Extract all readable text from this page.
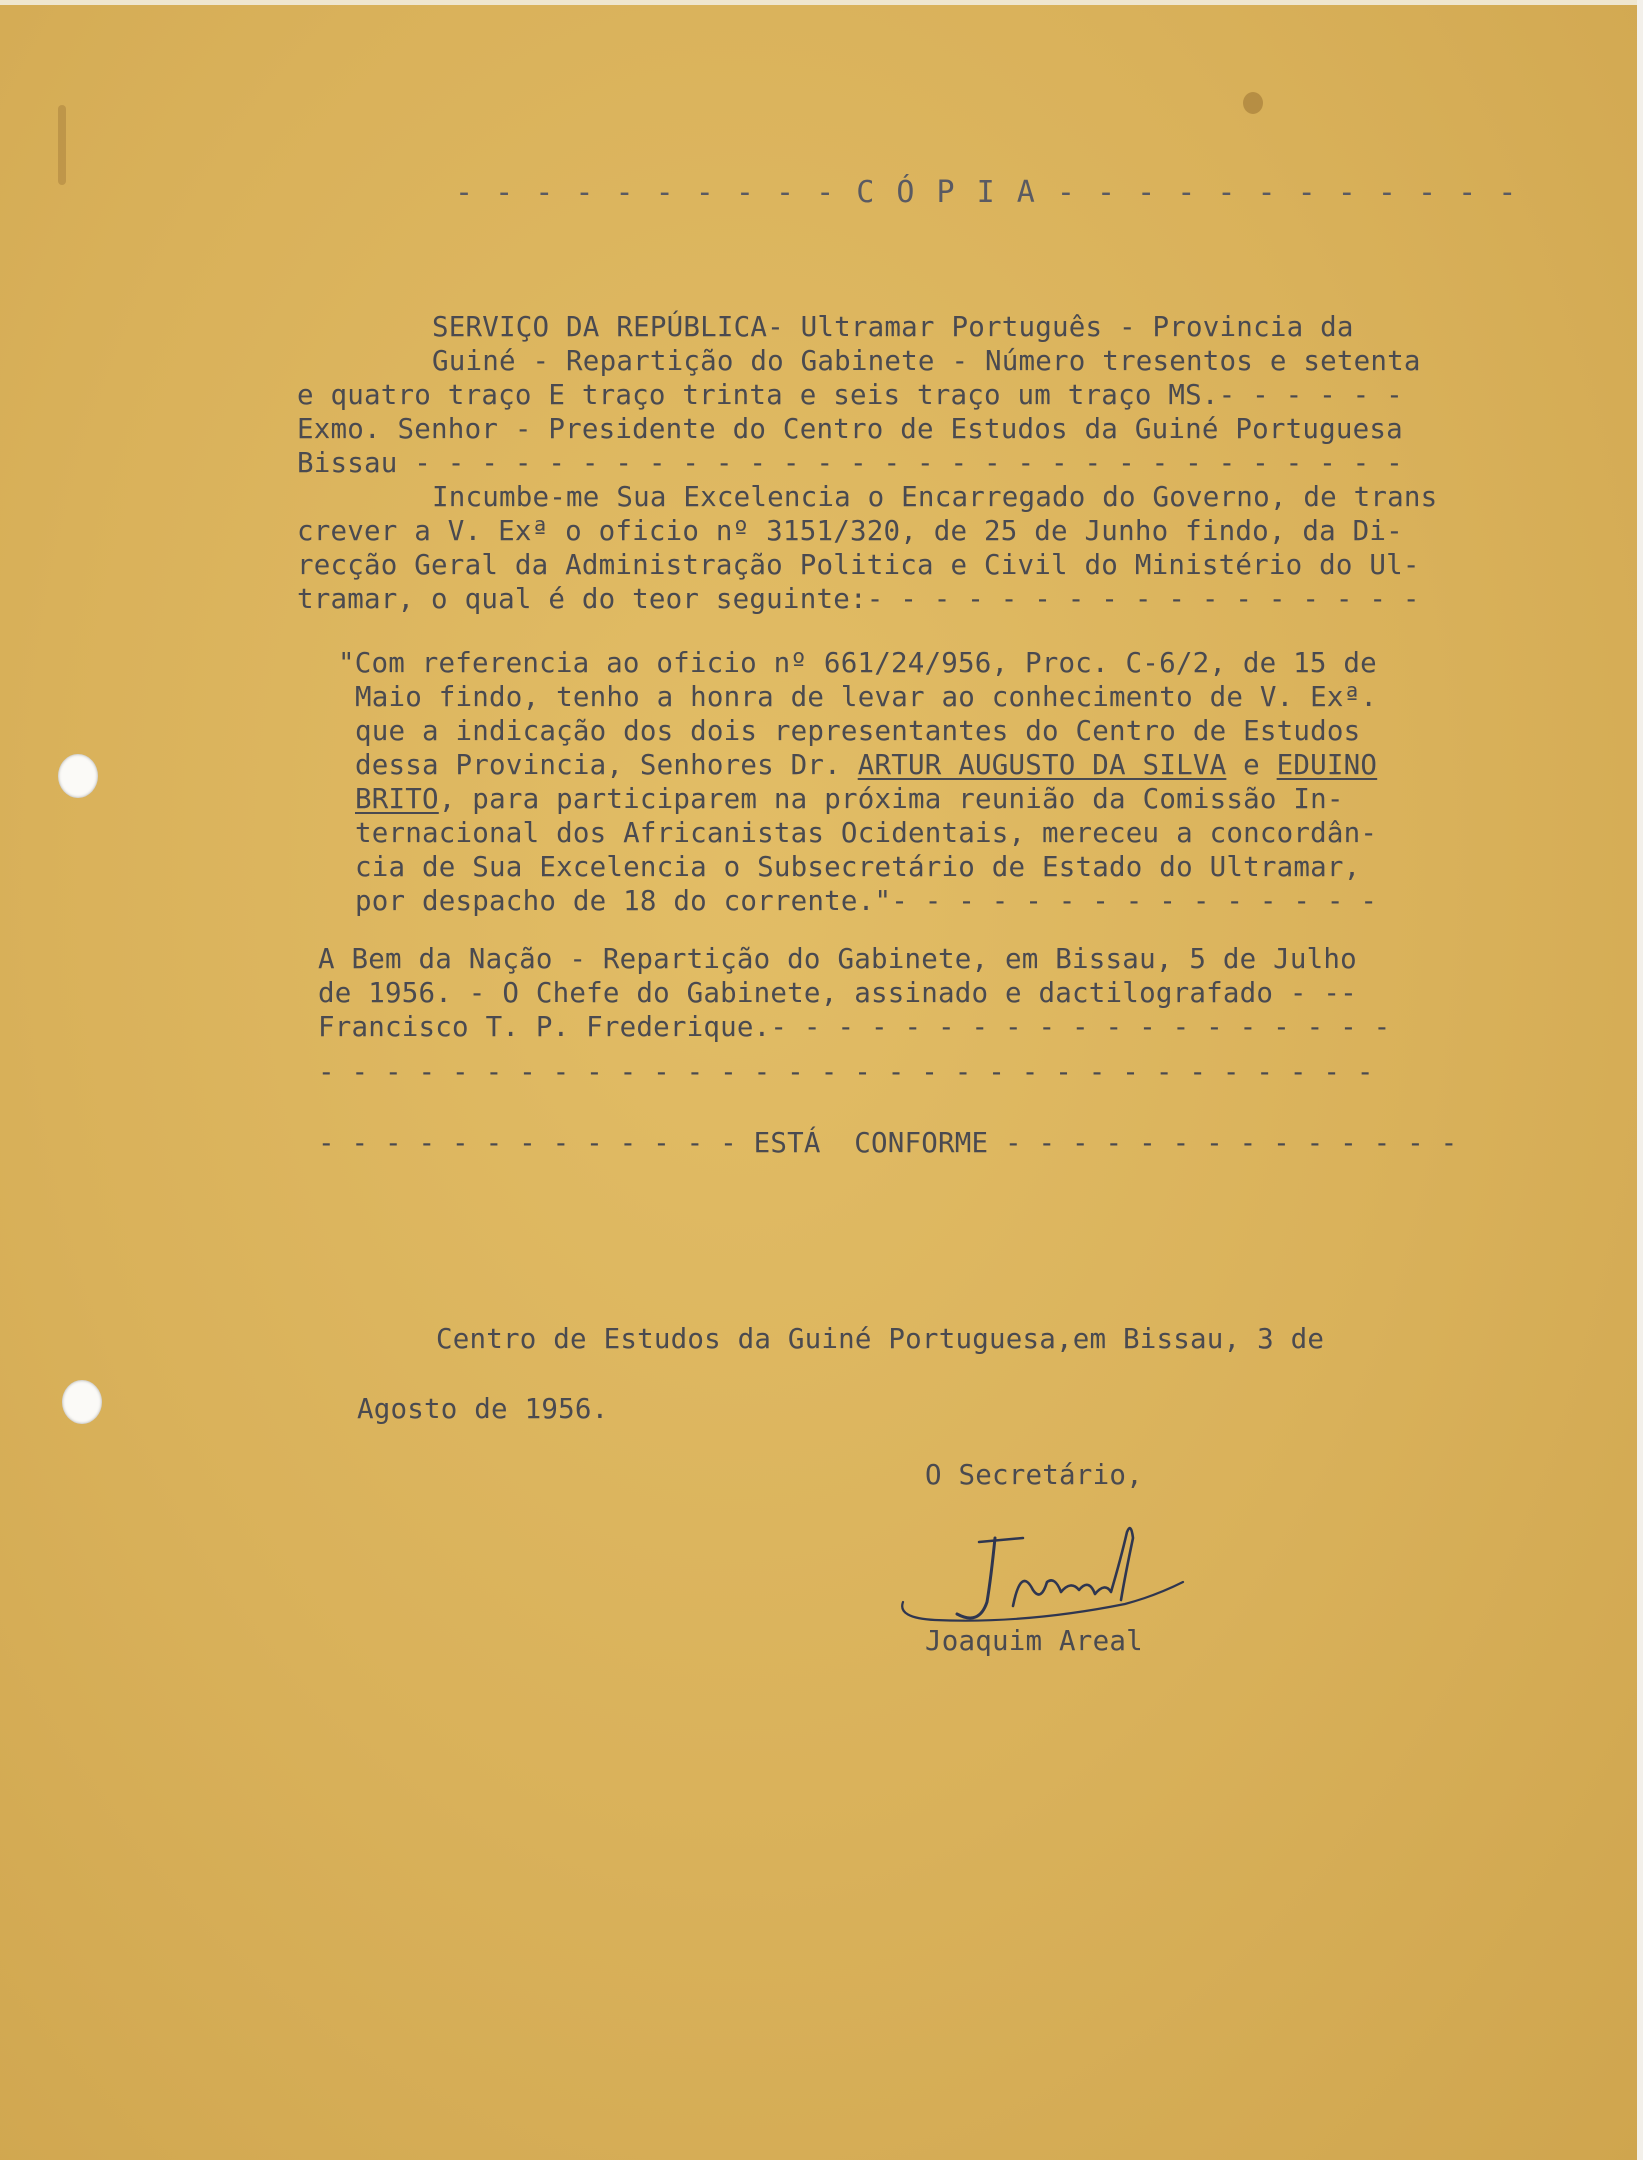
- - - - - - - - - - C Ó P I A - - - - - - - - - - - -

SERVIÇO DA REPÚBLICA- Ultramar Português - Provincia da

Guiné - Repartição do Gabinete - Número tresentos e setenta

e quatro traço E traço trinta e seis traço um traço MS.- - - - - -

Exmo. Senhor - Presidente do Centro de Estudos da Guiné Portuguesa

Bissau - - - - - - - - - - - - - - - - - - - - - - - - - - - - - -

Incumbe-me Sua Excelencia o Encarregado do Governo, de trans

crever a V. Exª o oficio nº 3151/320, de 25 de Junho findo, da Di-

recção Geral da Administração Politica e Civil do Ministério do Ul-

tramar, o qual é do teor seguinte:- - - - - - - - - - - - - - - - -

"Com referencia ao oficio nº 661/24/956, Proc. C-6/2, de 15 de

Maio findo, tenho a honra de levar ao conhecimento de V. Exª.

que a indicação dos dois representantes do Centro de Estudos

dessa Provincia, Senhores Dr. ARTUR AUGUSTO DA SILVA e EDUINO

BRITO, para participarem na próxima reunião da Comissão In-

ternacional dos Africanistas Ocidentais, mereceu a concordân-

cia de Sua Excelencia o Subsecretário de Estado do Ultramar,

por despacho de 18 do corrente."- - - - - - - - - - - - - - -

A Bem da Nação - Repartição do Gabinete, em Bissau, 5 de Julho

de 1956. - O Chefe do Gabinete, assinado e dactilografado - --

Francisco T. P. Frederique.- - - - - - - - - - - - - - - - - - -

- - - - - - - - - - - - - - - - - - - - - - - - - - - - - - - -

- - - - - - - - - - - - - ESTÁ  CONFORME - - - - - - - - - - - - - -

Centro de Estudos da Guiné Portuguesa,em Bissau, 3 de

Agosto de 1956.

O Secretário,

Joaquim Areal
